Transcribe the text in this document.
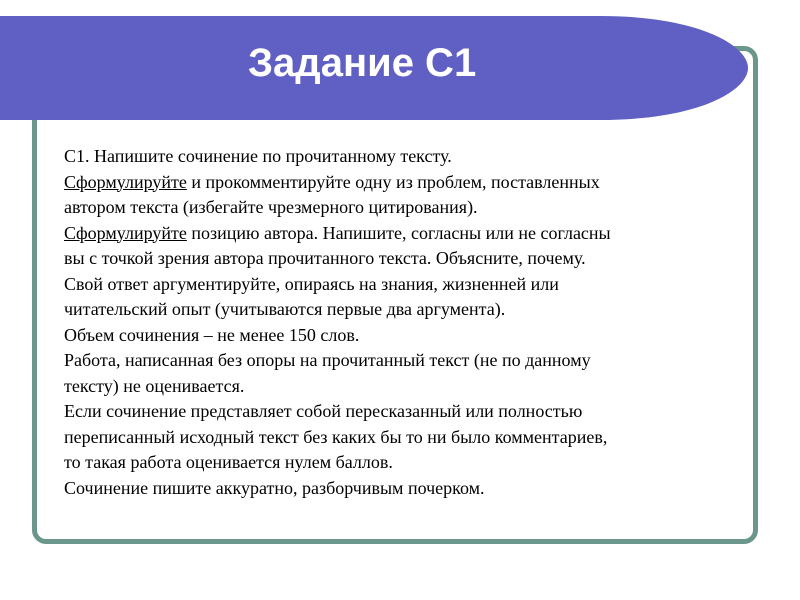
Задание С1
С1. Напишите сочинение по прочитанному тексту.
Сформулируйте и прокомментируйте одну из проблем, поставленных
автором текста (избегайте чрезмерного цитирования).
Сформулируйте позицию автора. Напишите, согласны или не согласны
вы с точкой зрения автора прочитанного текста. Объясните, почему.
Свой ответ аргументируйте, опираясь на знания, жизненней или
читательский опыт (учитываются первые два аргумента).
Объем сочинения – не менее 150 слов.
Работа, написанная без опоры на прочитанный текст (не по данному
тексту) не оценивается.
Если сочинение представляет собой пересказанный или полностью
переписанный исходный текст без каких бы то ни было комментариев,
то такая работа оценивается нулем баллов.
Сочинение пишите аккуратно, разборчивым почерком.
